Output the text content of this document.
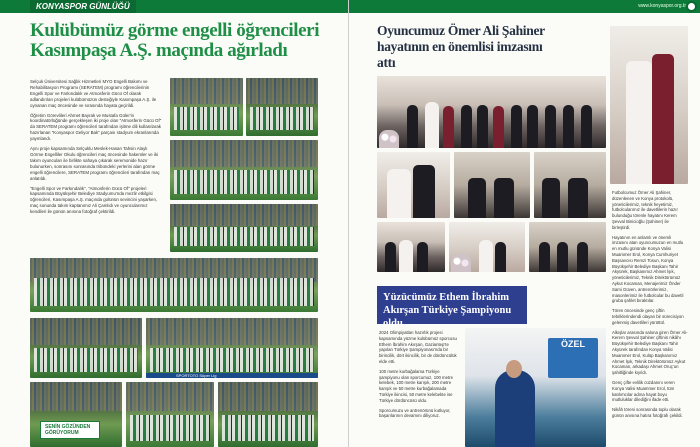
KONYASPOR GÜNLÜĞÜ
Kulübümüz görme engelli öğrencileri Kasımpaşa A.Ş. maçında ağırladı

Selçuk Üniversitesi Sağlık Hizmetleri MYO Engelli Bakımı ve Rehabilitasyon Programı (SERATEM) programı öğrencilerinin Engelli Spor ve Farkındalık ve Atmosferin Gücü Of olarak adlandırılan projeleri kulübümüzün desteğiyle Kasımpaşa A.Ş. ile oynanan maç öncesinde ve sırasında hayata geçirildi.

Öğretim Görevlileri Ahmet Bayrak ve Mustafa Güler'in koordinatörlüğünde gerçekleşen iki proje olan "Atmosferin Gücü Of" da SERATEM programı öğrencileri tarafından işitme dili kullanılarak hazırlanan "Konyaspor Geliyor Bak" parçası stadyum ekranlarında yayınlandı.

Aynı proje kapsamında Selçuklu Meslek-Hasan Tahsin Alaylı Görme Engelliler Okulu öğrencileri maç öncesinde hakemler ve iki takım oyuncuları ile birlikte sahaya çıkarak seremonide hazır bulunurken, sonrasını sonrasında tribündeki yerlerini alan görme engelli öğrencilere, SERATEM programı öğrencileri tarafından maç anlatıldı.

"Engelli Spor ve Farkındalık", "Atmosferin Gücü Of" projeleri kapsamında Büyükşehir Belediye Stadyumu'nda mezlir etkilgisi öğrencileri, Kasımpaşa A.Ş. maçında golünün sevincini yaşarken, maç sonunda takım kaptanımız Ali Çamlıdı ve oyuncularımız kendileri ile günün anısına fotoğraf çektirildi.

SPORTOTO Süper Lig
SENİN GÖZÜNDEN GÖRÜYORUM
www.konyaspor.org.tr
Oyuncumuz Ömer Ali Şahiner hayatının en önemlisi imzasını attı

Futbolcumuz Ömer Ali Şahiner, düzenlenen ve Konya protokolü, yöneticilerimiz, teknik heyetimiz, futbolcularımız ile davetlilerin hazır bulunduğu törenle hayatını Kerem Şevval Binicioğlu (Şahiner) ile birleştirdi.

Hayatının en anlamlı ve önemli imzasını atan oyuncumuzun en mutlu en mutlu gününde Konya Valisi Muammer Erol, Konya Cumhuriyet Başsavcısı Remzi Tosun, Konya Büyükşehir Belediye Başkanı Tahir Akyürek, Başkanımız Ahmet İşık, yöneticilerimiz, Teknik Direktörümüz Aykut Kocaman, Menajerimiz Önder Sami Güven, antrenörlerimiz, masonlerimiz ile futbolcular bu davetli gruba şahlet bıraktılar.

Tören öncesinde genç çiftin tebriklerindendi olayan bir sürecisiyon gelenmiş davetlileri yürüttül.

Alkışlar arasında salona giren Ömer Ali-Kerem Şevval Şahiner çiftinin nikâhı Büyükşehir Belediye Başkanı Tahir Akyürek tarafından Konya Valisi Muammer Erol, Kulüp Başkanımız Ahmet İşık, Teknik Direktörümüz Aykut Kocaman, arkadaşı Ahmet Oruç'un şahitliğinde kıyıldı.

Genç çifte evlilik cüzdanını veren Konya Valisi Muammer Erol, tüm katılımcılar adına hayat boyu mutluluklar dilediğini ifade etti.

Nikâh töreni sonrasında toplu olarak günün anısına hatıra fotoğrafı çekildi.

Yüzücümüz Ethem İbrahim Akırşan Türkiye Şampiyonu oldu

2024 Olimpiyatları hazırlık projesi kapsamında yüzme kulübümüz sporcusu Ethem İbrahim Akırşan, Gaziantep'te yapılan Türkiye Şampiyonası'nda bir birincilik, dört ikincilik, bir de dördüncülük elde etti.

100 metre kurbağalama Türkiye şampiyonu olan sporcumuz, 100 metre kelebek, 100 metre karışık, 200 metre karışık ve 50 metre kurbağalamada Türkiye ikincisi, 50 metre kelebekte ise Türkiye dördüncüsü oldu.

Sporcumuzu ve antrenörünü kutluyor, başarılarının devamını diliyoruz.

ÖZEL
